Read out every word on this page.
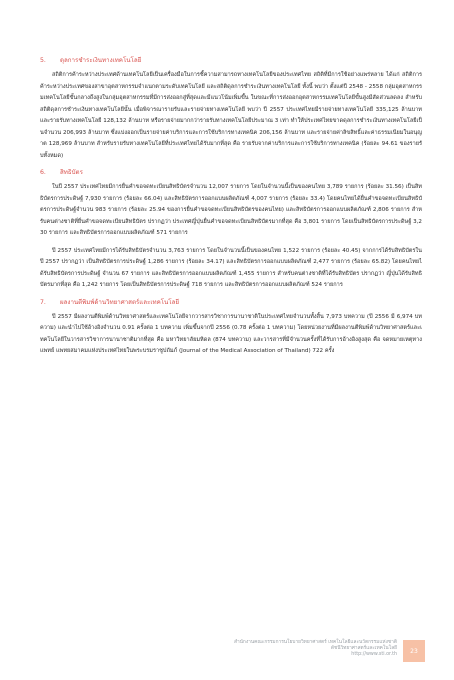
5.	ดุลการชำระเงินทางเทคโนโลยี

สถิติการค้าระหว่างประเทศด้านเทคโนโลยีเป็นเครื่องมือในการชี้ความสามารถทางเทคโนโลยีของประเทศไทย สถิติที่มีการใช้อย่างแพร่หลาย ได้แก่ สถิติการค้าระหว่างประเทศของสาขาอุตสาหกรรมจำแนกตามระดับเทคโนโลยี และสถิติดุลการชำระเงินทางเทคโนโลยี ทั้งนี้ พบว่า ตั้งแต่ปี 2548 - 2558 กลุ่มอุตสาหกรรมเทคโนโลยีขั้นกลางถึงสูงในกลุ่มอุตสาหกรรมที่มีการส่งออกสู่ที่สุดและมีแนวโน้มเพิ่มขึ้น ในขณะที่การส่งออกอุตสาหกรรมเทคโนโลยีขั้นสูงมีสัดส่วนลดลง สำหรับสถิติดุลการชำระเงินทางเทคโนโลยีนั้น เมื่อพิจารณารายรับและรายจ่ายทางเทคโนโลยี พบว่า ปี 2557 ประเทศไทยมีรายจ่ายทางเทคโนโลยี 335,125 ล้านบาท และรายรับทางเทคโนโลยี 128,132 ล้านบาท หรือรายจ่ายมากกว่ารายรับทางเทคโนโลยีประมาณ 3 เท่า ทำให้ประเทศไทยขาดดุลการชำระเงินทางเทคโนโลยีเป็นจำนวน 206,993 ล้านบาท ซึ่งแบ่งออกเป็นรายจ่ายค่าบริการและการใช้บริการทางเทคนิค 206,156 ล้านบาท และรายจ่ายค่าลิขสิทธิ์และค่าธรรมเนียมในอนุญาต 128,969 ล้านบาท สำหรับรายรับทางเทคโนโลยีที่ประเทศไทยได้รับมากที่สุด คือ รายรับจากค่าบริการและการใช้บริการทางเทคนิค (ร้อยละ 94.61 ของรายรับทั้งหมด)

6.	สิทธิบัตร

ในปี 2557 ประเทศไทยมีการยื่นคำขอจดทะเบียนสิทธิบัตรจำนวน 12,007 รายการ โดยในจำนวนนี้เป็นของคนไทย 3,789 รายการ (ร้อยละ 31.56) เป็นสิทธิบัตรการประดิษฐ์ 7,930 รายการ (ร้อยละ 66.04) และสิทธิบัตรการออกแบบผลิตภัณฑ์ 4,007 รายการ (ร้อยละ 33.4) โดยคนไทยได้ยื่นคำขอจดทะเบียนสิทธิบัตรการประดิษฐ์จำนวน 983 รายการ (ร้อยละ 25.94 ของการยื่นคำขอจดทะเบียนสิทธิบัตรของคนไทย) และสิทธิบัตรการออกแบบผลิตภัณฑ์ 2,806 รายการ สำหรับคนต่างชาติที่ยื่นคำขอจดทะเบียนสิทธิบัตร ปรากฏว่า ประเทศญี่ปุ่นยื่นคำขอจดทะเบียนสิทธิบัตรมากที่สุด คือ 3,801 รายการ โดยเป็นสิทธิบัตรการประดิษฐ์ 3,230 รายการ และสิทธิบัตรการออกแบบผลิตภัณฑ์ 571 รายการ

ปี 2557 ประเทศไทยมีการได้รับสิทธิบัตรจำนวน 3,763 รายการ โดยในจำนวนนี้เป็นของคนไทย 1,522 รายการ (ร้อยละ 40.45) จากการได้รับสิทธิบัตรในปี 2557 ปรากฏว่า เป็นสิทธิบัตรการประดิษฐ์ 1,286 รายการ (ร้อยละ 34.17) และสิทธิบัตรการออกแบบผลิตภัณฑ์ 2,477 รายการ (ร้อยละ 65.82) โดยคนไทยได้รับสิทธิบัตรการประดิษฐ์ จำนวน 67 รายการ และสิทธิบัตรการออกแบบผลิตภัณฑ์ 1,455 รายการ สำหรับคนต่างชาติที่ได้รับสิทธิบัตร ปรากฏว่า ญี่ปุ่นได้รับสิทธิบัตรมากที่สุด คือ 1,242 รายการ โดยเป็นสิทธิบัตรการประดิษฐ์ 718 รายการ และสิทธิบัตรการออกแบบผลิตภัณฑ์ 524 รายการ

7.	ผลงานตีพิมพ์ด้านวิทยาศาสตร์และเทคโนโลยี

ปี 2557 มีผลงานตีพิมพ์ด้านวิทยาศาสตร์และเทคโนโลยีจากวารสารวิชาการนานาชาติในประเทศไทยจำนวนทั้งสิ้น 7,973 บทความ (ปี 2556 มี 6,974 บทความ) และนำไปใช้อ้างอิงจำนวน 0.91 ครั้งต่อ 1 บทความ เพิ่มขึ้นจากปี 2556 (0.78 ครั้งต่อ 1 บทความ) โดยหน่วยงานที่มีผลงานตีพิมพ์ด้านวิทยาศาสตร์และเทคโนโลยีในวารสารวิชาการนานาชาติมากที่สุด คือ มหาวิทยาลัยมหิดล (874 บทความ) และวารสารที่มีจำนวนครั้งที่ได้รับการอ้างอิงสูงสุด คือ จดหมายเหตุทางแพทย์ แพทยสมาคมแห่งประเทศไทยในพระบรมราชูปถัมภ์ (Journal of the Medical Association of Thailand) 722 ครั้ง

สำนักงานคณะกรรมการนโยบายวิทยาศาสตร์ เทคโนโลยีและนวัตกรรมแห่งชาติ
ดัชนีวิทยาศาสตร์และเทคโนโลยี
http://www.sti.or.th
23
